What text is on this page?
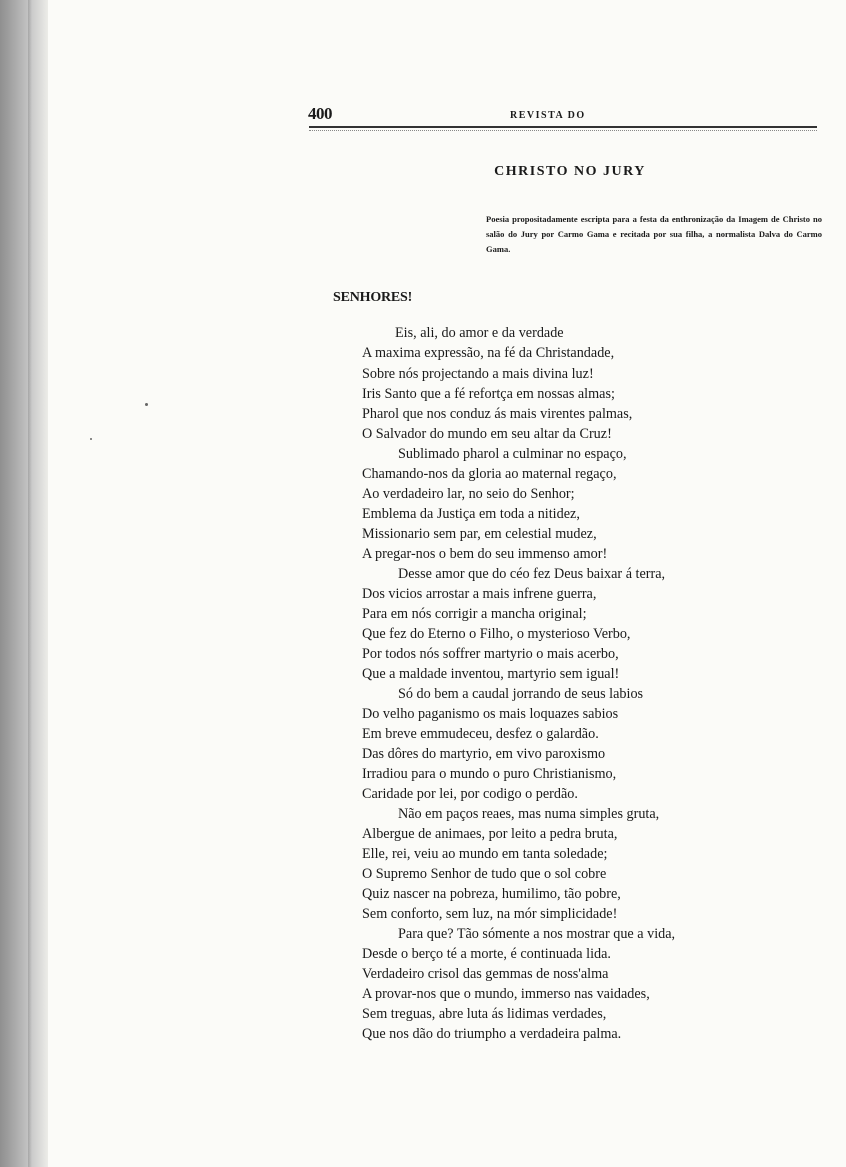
400	REVISTA DO
CHRISTO NO JURY
Poesia propositadamente escripta para a festa da enthronização da Imagem de Christo no salão do Jury por Carmo Gama e recitada por sua filha, a normalista Dalva do Carmo Gama.
SENHORES!
Eis, ali, do amor e da verdade
A maxima expressão, na fé da Christandade,
Sobre nós projectando a mais divina luz!
Iris Santo que a fé refortça em nossas almas;
Pharol que nos conduz ás mais virentes palmas,
O Salvador do mundo em seu altar da Cruz!
Sublimado pharol a culminar no espaço,
Chamando-nos da gloria ao maternal regaço,
Ao verdadeiro lar, no seio do Senhor;
Emblema da Justiça em toda a nitidez,
Missionario sem par, em celestial mudez,
A pregar-nos o bem do seu immenso amor!
Desse amor que do céo fez Deus baixar á terra,
Dos vicios arrostar a mais infrene guerra,
Para em nós corrigir a mancha original;
Que fez do Eterno o Filho, o mysterioso Verbo,
Por todos nós soffrer martyrio o mais acerbo,
Que a maldade inventou, martyrio sem igual!
Só do bem a caudal jorrando de seus labios
Do velho paganismo os mais loquazes sabios
Em breve emmudeceu, desfez o galardão.
Das dôres do martyrio, em vivo paroxismo
Irradiou para o mundo o puro Christianismo,
Caridade por lei, por codigo o perdão.
Não em paços reaes, mas numa simples gruta,
Albergue de animaes, por leito a pedra bruta,
Elle, rei, veiu ao mundo em tanta soledade;
O Supremo Senhor de tudo que o sol cobre
Quiz nascer na pobreza, humilimo, tão pobre,
Sem conforto, sem luz, na mór simplicidade!
Para que? Tão sómente a nos mostrar que a vida,
Desde o berço té a morte, é continuada lida.
Verdadeiro crisol das gemmas de noss'alma
A provar-nos que o mundo, immerso nas vaidades,
Sem treguas, abre luta ás lidimas verdades,
Que nos dão do triumpho a verdadeira palma.
